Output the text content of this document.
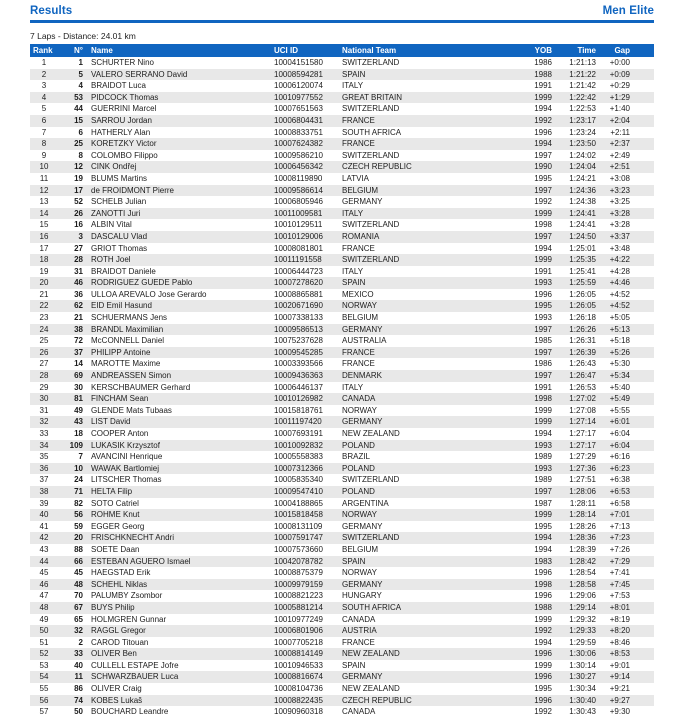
Results	Men Elite
7 Laps - Distance: 24.01 km
Rank	N°	Name	UCI ID	National Team	YOB	Time	Gap	
1	1	SCHURTER Nino	10004151580	SWITZERLAND	1986	1:21:13	+0:00	
2	5	VALERO SERRANO David	10008594281	SPAIN	1988	1:21:22	+0:09	
3	4	BRAIDOT Luca	10006120074	ITALY	1991	1:21:42	+0:29	
4	53	PIDCOCK Thomas	10010977552	GREAT BRITAIN	1999	1:22:42	+1:29	
5	44	GUERRINI Marcel	10007651563	SWITZERLAND	1994	1:22:53	+1:40	
6	15	SARROU Jordan	10006804431	FRANCE	1992	1:23:17	+2:04	
7	6	HATHERLY Alan	10008833751	SOUTH AFRICA	1996	1:23:24	+2:11	
8	25	KORETZKY Victor	10007624382	FRANCE	1994	1:23:50	+2:37	
9	8	COLOMBO Filippo	10009586210	SWITZERLAND	1997	1:24:02	+2:49	
10	12	CINK Ondřej	10006456342	CZECH REPUBLIC	1990	1:24:04	+2:51	
11	19	BLUMS Martins	10008119890	LATVIA	1995	1:24:21	+3:08	
12	17	de FROIDMONT Pierre	10009586614	BELGIUM	1997	1:24:36	+3:23	
13	52	SCHELB Julian	10006805946	GERMANY	1992	1:24:38	+3:25	
14	26	ZANOTTI Juri	10011009581	ITALY	1999	1:24:41	+3:28	
15	16	ALBIN Vital	10010129511	SWITZERLAND	1998	1:24:41	+3:28	
16	3	DASCALU Vlad	10010129006	ROMANIA	1997	1:24:50	+3:37	
17	27	GRIOT Thomas	10008081801	FRANCE	1994	1:25:01	+3:48	
18	28	ROTH Joel	10011191558	SWITZERLAND	1999	1:25:35	+4:22	
19	31	BRAIDOT Daniele	10006444723	ITALY	1991	1:25:41	+4:28	
20	46	RODRIGUEZ GUEDE Pablo	10007278620	SPAIN	1993	1:25:59	+4:46	
21	36	ULLOA AREVALO Jose Gerardo	10008865881	MEXICO	1996	1:26:05	+4:52	
22	62	EID Emil Hasund	10020671690	NORWAY	1995	1:26:05	+4:52	
23	21	SCHUERMANS Jens	10007338133	BELGIUM	1993	1:26:18	+5:05	
24	38	BRANDL Maximilian	10009586513	GERMANY	1997	1:26:26	+5:13	
25	72	McCONNELL Daniel	10075237628	AUSTRALIA	1985	1:26:31	+5:18	
26	37	PHILIPP Antoine	10009545285	FRANCE	1997	1:26:39	+5:26	
27	14	MAROTTE Maxime	10003393566	FRANCE	1986	1:26:43	+5:30	
28	69	ANDREASSEN Simon	10009436363	DENMARK	1997	1:26:47	+5:34	
29	30	KERSCHBAUMER Gerhard	10006446137	ITALY	1991	1:26:53	+5:40	
30	81	FINCHAM Sean	10010126982	CANADA	1998	1:27:02	+5:49	
31	49	GLENDE Mats Tubaas	10015818761	NORWAY	1999	1:27:08	+5:55	
32	43	LIST David	10011197420	GERMANY	1999	1:27:14	+6:01	
33	18	COOPER Anton	10007693191	NEW ZEALAND	1994	1:27:17	+6:04	
34	109	LUKASIK Krzysztof	10010092832	POLAND	1993	1:27:17	+6:04	
35	7	AVANCINI Henrique	10005558383	BRAZIL	1989	1:27:29	+6:16	
36	10	WAWAK Bartlomiej	10007312366	POLAND	1993	1:27:36	+6:23	
37	24	LITSCHER Thomas	10005835340	SWITZERLAND	1989	1:27:51	+6:38	
38	71	HELTA Filip	10009547410	POLAND	1997	1:28:06	+6:53	
39	82	SOTO Catriel	10004188865	ARGENTINA	1987	1:28:11	+6:58	
40	56	ROHME Knut	10015818458	NORWAY	1999	1:28:14	+7:01	
41	59	EGGER Georg	10008131109	GERMANY	1995	1:28:26	+7:13	
42	20	FRISCHKNECHT Andri	10007591747	SWITZERLAND	1994	1:28:36	+7:23	
43	88	SOETE Daan	10007573660	BELGIUM	1994	1:28:39	+7:26	
44	66	ESTEBAN AGUERO Ismael	10042078782	SPAIN	1983	1:28:42	+7:29	
45	45	HAEGSTAD Erik	10008875379	NORWAY	1996	1:28:54	+7:41	
46	48	SCHEHL Niklas	10009979159	GERMANY	1998	1:28:58	+7:45	
47	70	PALUMBY Zsombor	10008821223	HUNGARY	1996	1:29:06	+7:53	
48	67	BUYS Philip	10005881214	SOUTH AFRICA	1988	1:29:14	+8:01	
49	65	HOLMGREN Gunnar	10010977249	CANADA	1999	1:29:32	+8:19	
50	32	RAGGL Gregor	10006801906	AUSTRIA	1992	1:29:33	+8:20	
51	2	CAROD Titouan	10007705218	FRANCE	1994	1:29:59	+8:46	
52	33	OLIVER Ben	10008814149	NEW ZEALAND	1996	1:30:06	+8:53	
53	40	CULLELL ESTAPE Jofre	10010946533	SPAIN	1999	1:30:14	+9:01	
54	11	SCHWARZBAUER Luca	10008816674	GERMANY	1996	1:30:27	+9:14	
55	86	OLIVER Craig	10008104736	NEW ZEALAND	1995	1:30:34	+9:21	
56	74	KOBES Lukaš	10008822435	CZECH REPUBLIC	1996	1:30:40	+9:27	
57	50	BOUCHARD Leandre	10090960318	CANADA	1992	1:30:43	+9:30	
